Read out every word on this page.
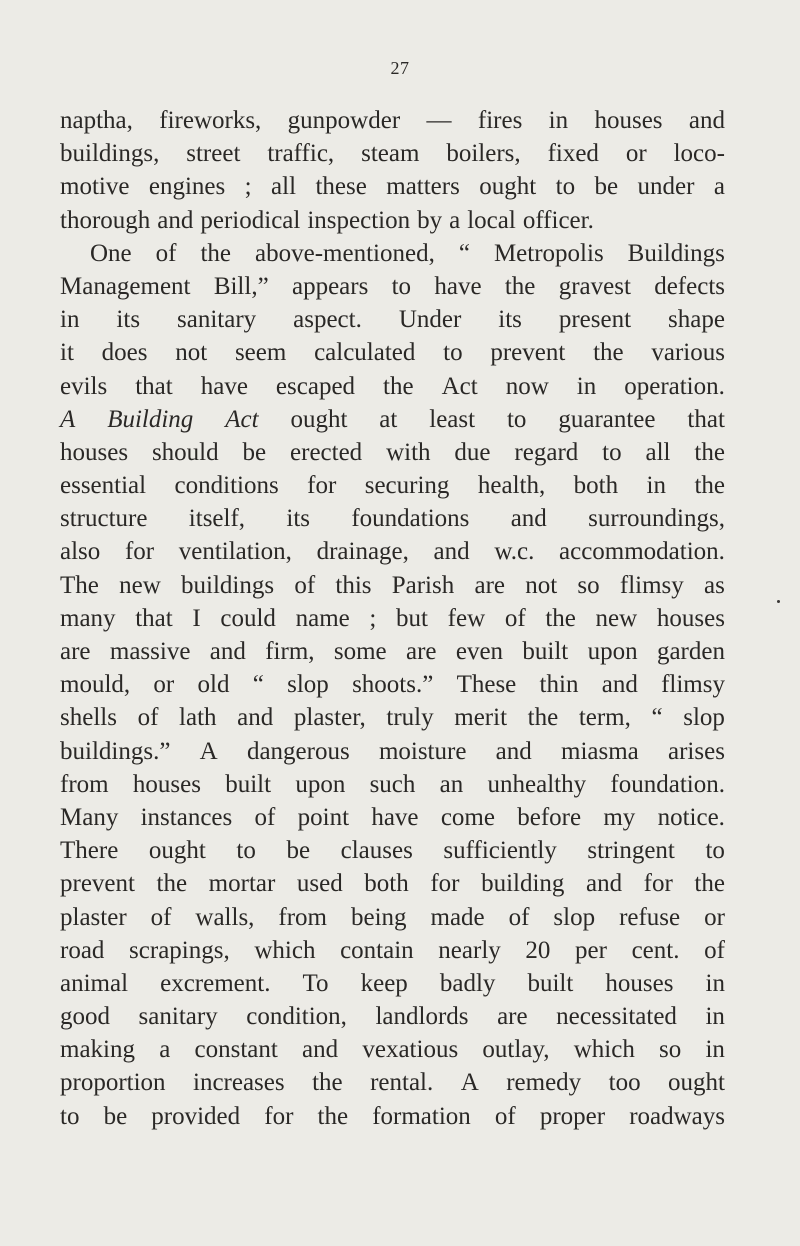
27
naptha, fireworks, gunpowder — fires in houses and
buildings, street traffic, steam boilers, fixed or loco-
motive engines ; all these matters ought to be under a
thorough and periodical inspection by a local officer.
One of the above-mentioned, “ Metropolis Buildings
Management Bill,” appears to have the gravest defects
in its sanitary aspect. Under its present shape
it does not seem calculated to prevent the various
evils that have escaped the Act now in operation.
A Building Act ought at least to guarantee that
houses should be erected with due regard to all the
essential conditions for securing health, both in the
structure itself, its foundations and surroundings,
also for ventilation, drainage, and w.c. accommodation.
The new buildings of this Parish are not so flimsy as
many that I could name ; but few of the new houses
are massive and firm, some are even built upon garden
mould, or old “ slop shoots.” These thin and flimsy
shells of lath and plaster, truly merit the term, “ slop
buildings.” A dangerous moisture and miasma arises
from houses built upon such an unhealthy foundation.
Many instances of point have come before my notice.
There ought to be clauses sufficiently stringent to
prevent the mortar used both for building and for the
plaster of walls, from being made of slop refuse or
road scrapings, which contain nearly 20 per cent. of
animal excrement. To keep badly built houses in
good sanitary condition, landlords are necessitated in
making a constant and vexatious outlay, which so in
proportion increases the rental. A remedy too ought
to be provided for the formation of proper roadways
